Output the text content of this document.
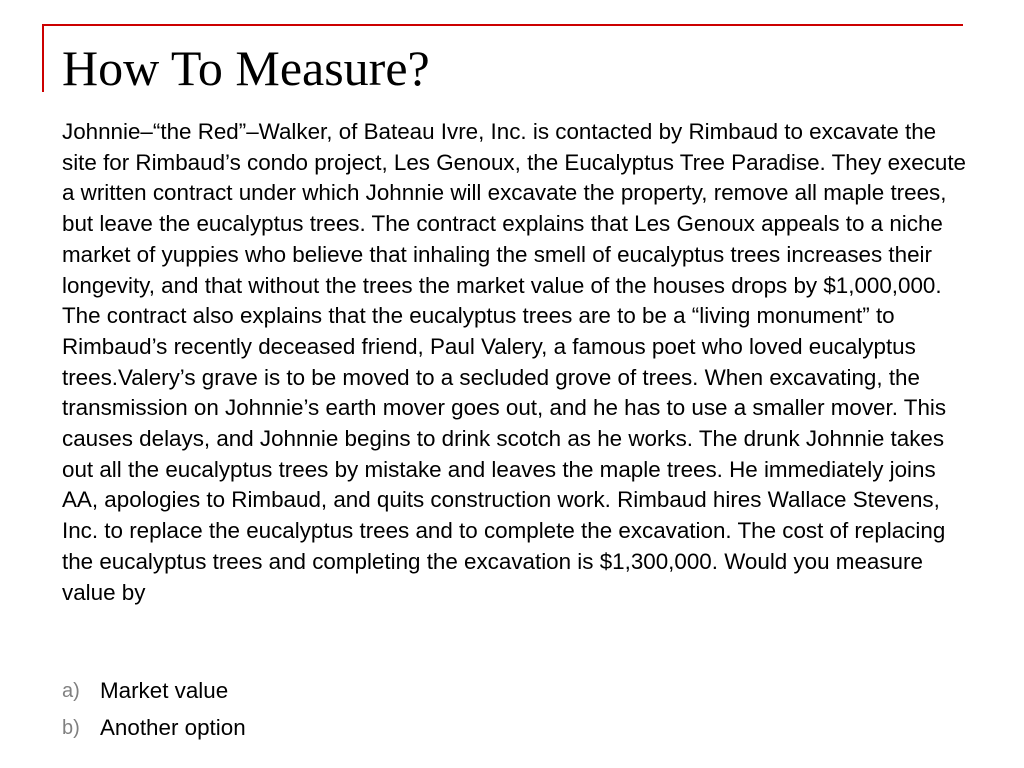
How To Measure?

Johnnie–“the Red”–Walker, of Bateau Ivre, Inc. is contacted by Rimbaud to excavate the site for Rimbaud’s condo project, Les Genoux, the Eucalyptus Tree Paradise. They execute a written contract under which Johnnie will excavate the property, remove all maple trees, but leave the eucalyptus trees. The contract explains that Les Genoux appeals to a niche market of yuppies who believe that inhaling the smell of eucalyptus trees increases their longevity, and that without the trees the market value of the houses drops by $1,000,000. The contract also explains that the eucalyptus trees are to be a “living monument” to Rimbaud’s recently deceased friend, Paul Valery, a famous poet who loved eucalyptus trees.Valery’s grave is to be moved to a secluded grove of trees. When excavating, the transmission on Johnnie’s earth mover goes out, and he has to use a smaller mover. This causes delays, and Johnnie begins to drink scotch as he works. The drunk Johnnie takes out all the eucalyptus trees by mistake and leaves the maple trees. He immediately joins AA, apologies to Rimbaud, and quits construction work. Rimbaud hires Wallace Stevens, Inc. to replace the eucalyptus trees and to complete the excavation. The cost of replacing the eucalyptus trees and completing the excavation is $1,300,000. Would you measure value by

a) Market value
b) Another option
